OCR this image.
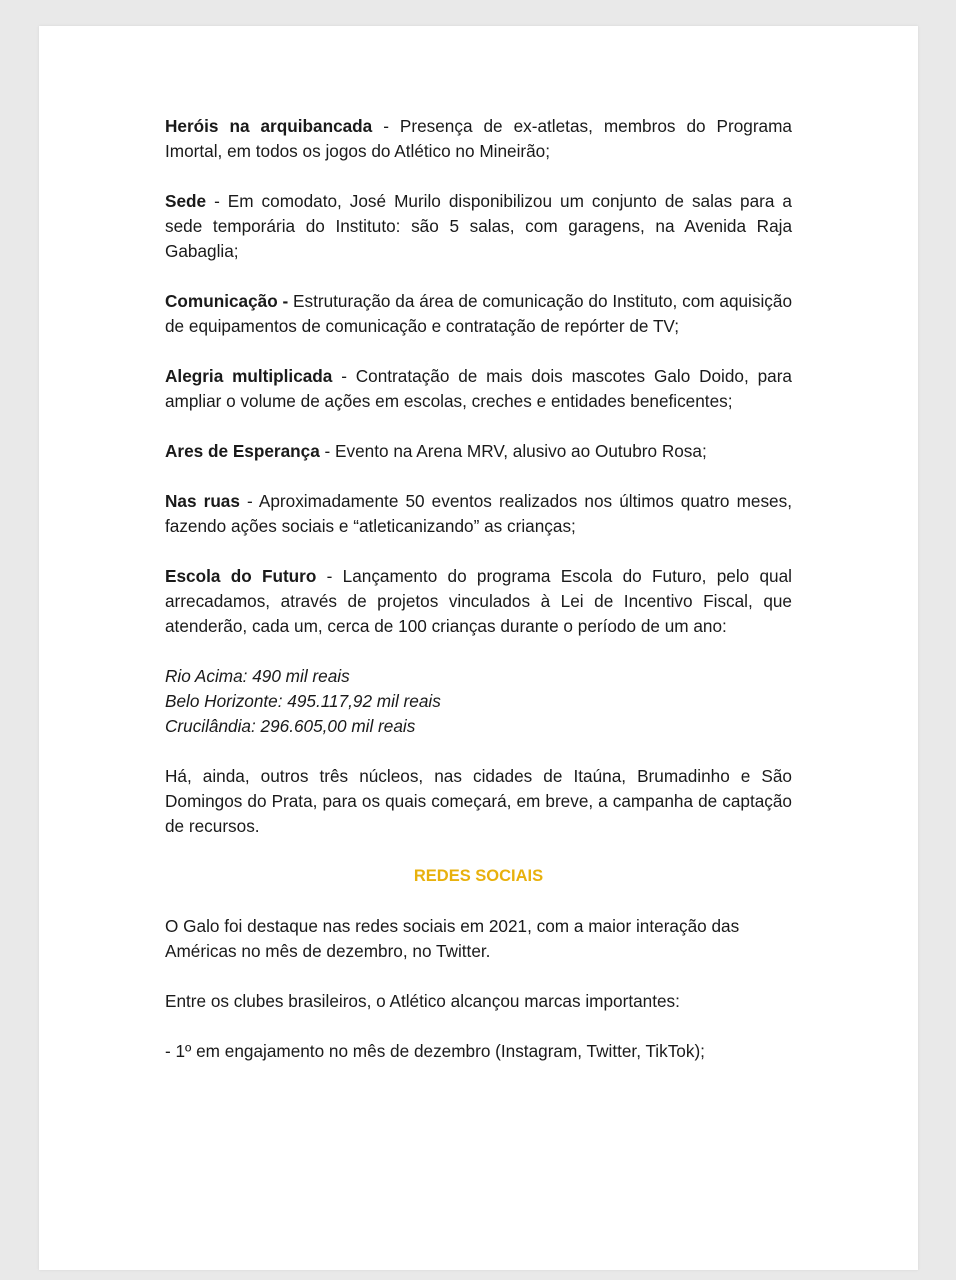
Heróis na arquibancada - Presença de ex-atletas, membros do Programa Imortal, em todos os jogos do Atlético no Mineirão;

Sede - Em comodato, José Murilo disponibilizou um conjunto de salas para a sede temporária do Instituto: são 5 salas, com garagens, na Avenida Raja Gabaglia;

Comunicação - Estruturação da área de comunicação do Instituto, com aquisição de equipamentos de comunicação e contratação de repórter de TV;

Alegria multiplicada - Contratação de mais dois mascotes Galo Doido, para ampliar o volume de ações em escolas, creches e entidades beneficentes;

Ares de Esperança - Evento na Arena MRV, alusivo ao Outubro Rosa;

Nas ruas - Aproximadamente 50 eventos realizados nos últimos quatro meses, fazendo ações sociais e “atleticanizando” as crianças;

Escola do Futuro - Lançamento do programa Escola do Futuro, pelo qual arrecadamos, através de projetos vinculados à Lei de Incentivo Fiscal, que atenderão, cada um, cerca de 100 crianças durante o período de um ano:

Rio Acima: 490 mil reais
Belo Horizonte: 495.117,92 mil reais
Crucilândia: 296.605,00 mil reais

Há, ainda, outros três núcleos, nas cidades de Itaúna, Brumadinho e São Domingos do Prata, para os quais começará, em breve, a campanha de captação de recursos.

REDES SOCIAIS

O Galo foi destaque nas redes sociais em 2021, com a maior interação das Américas no mês de dezembro, no Twitter.

Entre os clubes brasileiros, o Atlético alcançou marcas importantes:

- 1º em engajamento no mês de dezembro (Instagram, Twitter, TikTok);
